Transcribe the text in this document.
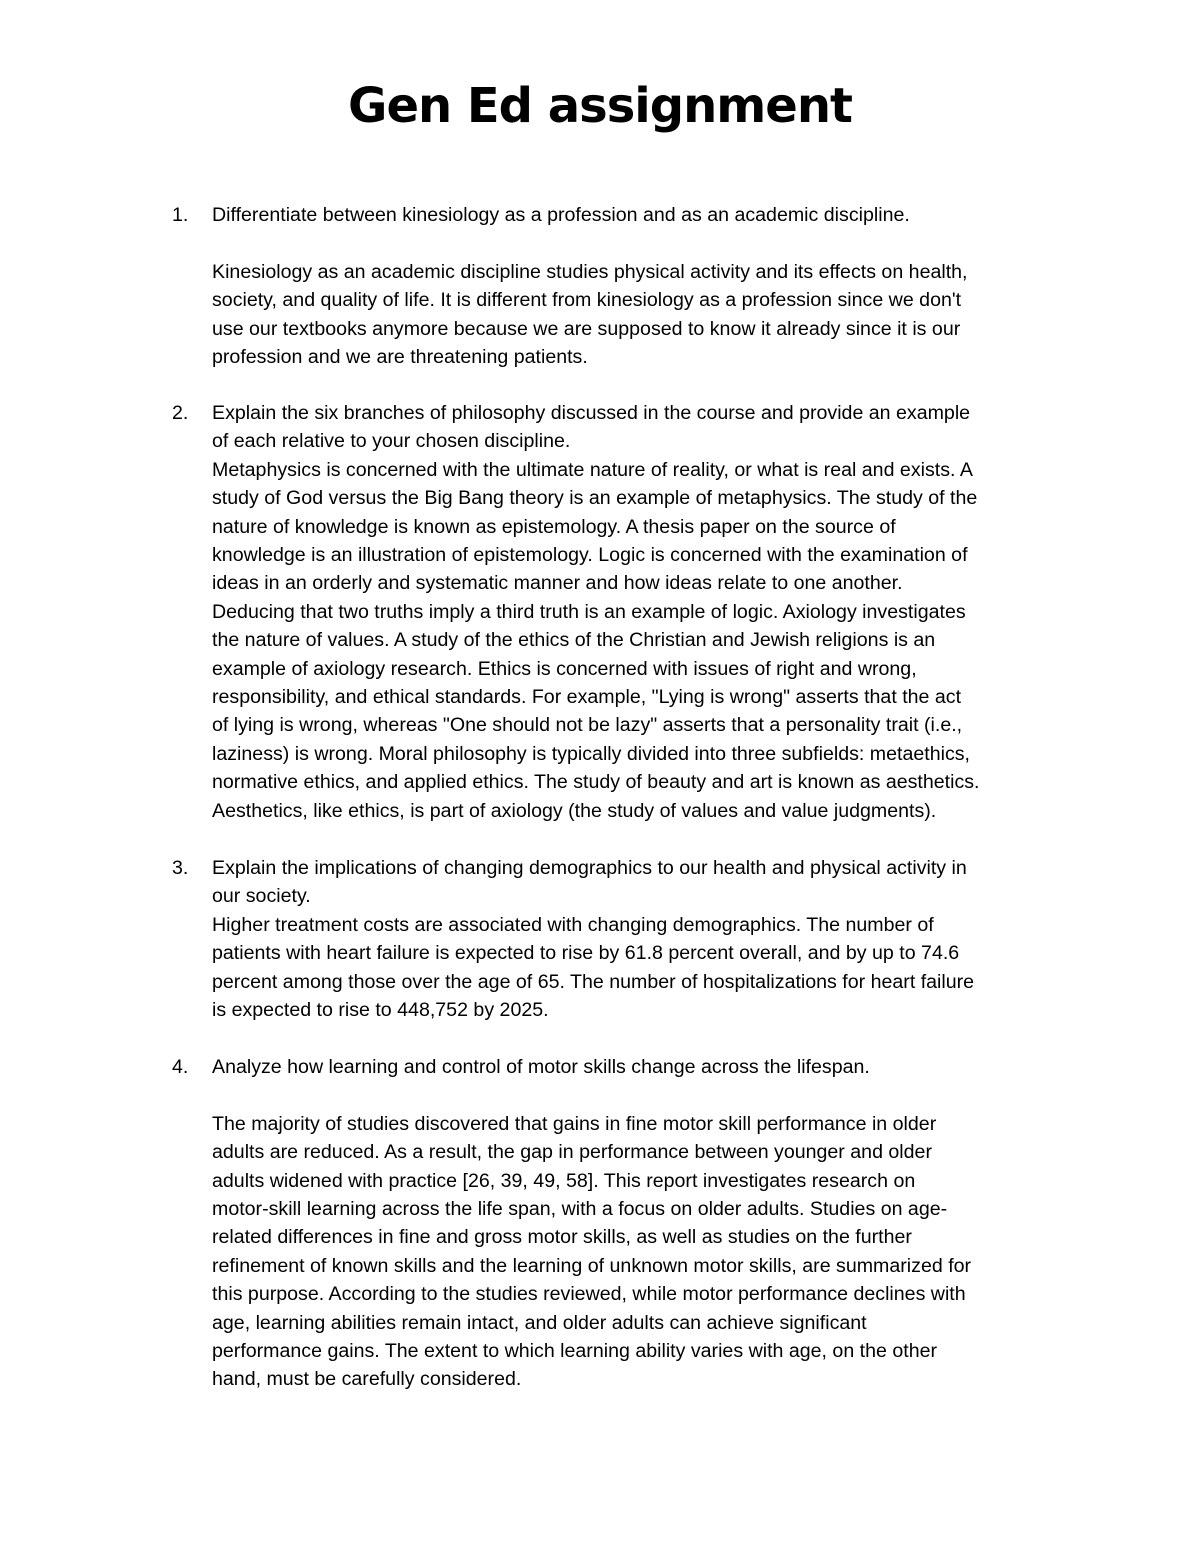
Gen Ed assignment
1.	Differentiate between kinesiology as a profession and as an academic discipline.

Kinesiology as an academic discipline studies physical activity and its effects on health,

society, and quality of life. It is different from kinesiology as a profession since we don't

use our textbooks anymore because we are supposed to know it already since it is our

profession and we are threatening patients.

2.	Explain the six branches of philosophy discussed in the course and provide an example

of each relative to your chosen discipline.

Metaphysics is concerned with the ultimate nature of reality, or what is real and exists. A

study of God versus the Big Bang theory is an example of metaphysics. The study of the

nature of knowledge is known as epistemology. A thesis paper on the source of

knowledge is an illustration of epistemology. Logic is concerned with the examination of

ideas in an orderly and systematic manner and how ideas relate to one another.

Deducing that two truths imply a third truth is an example of logic. Axiology investigates

the nature of values. A study of the ethics of the Christian and Jewish religions is an

example of axiology research. Ethics is concerned with issues of right and wrong,

responsibility, and ethical standards. For example, "Lying is wrong" asserts that the act

of lying is wrong, whereas "One should not be lazy" asserts that a personality trait (i.e.,

laziness) is wrong. Moral philosophy is typically divided into three subfields: metaethics,

normative ethics, and applied ethics. The study of beauty and art is known as aesthetics.

Aesthetics, like ethics, is part of axiology (the study of values and value judgments).

3.	Explain the implications of changing demographics to our health and physical activity in

our society.

Higher treatment costs are associated with changing demographics. The number of

patients with heart failure is expected to rise by 61.8 percent overall, and by up to 74.6

percent among those over the age of 65. The number of hospitalizations for heart failure

is expected to rise to 448,752 by 2025.

4.	Analyze how learning and control of motor skills change across the lifespan.

The majority of studies discovered that gains in fine motor skill performance in older

adults are reduced. As a result, the gap in performance between younger and older

adults widened with practice [26, 39, 49, 58]. This report investigates research on

motor-skill learning across the life span, with a focus on older adults. Studies on age-

related differences in fine and gross motor skills, as well as studies on the further

refinement of known skills and the learning of unknown motor skills, are summarized for

this purpose. According to the studies reviewed, while motor performance declines with

age, learning abilities remain intact, and older adults can achieve significant

performance gains. The extent to which learning ability varies with age, on the other

hand, must be carefully considered.
